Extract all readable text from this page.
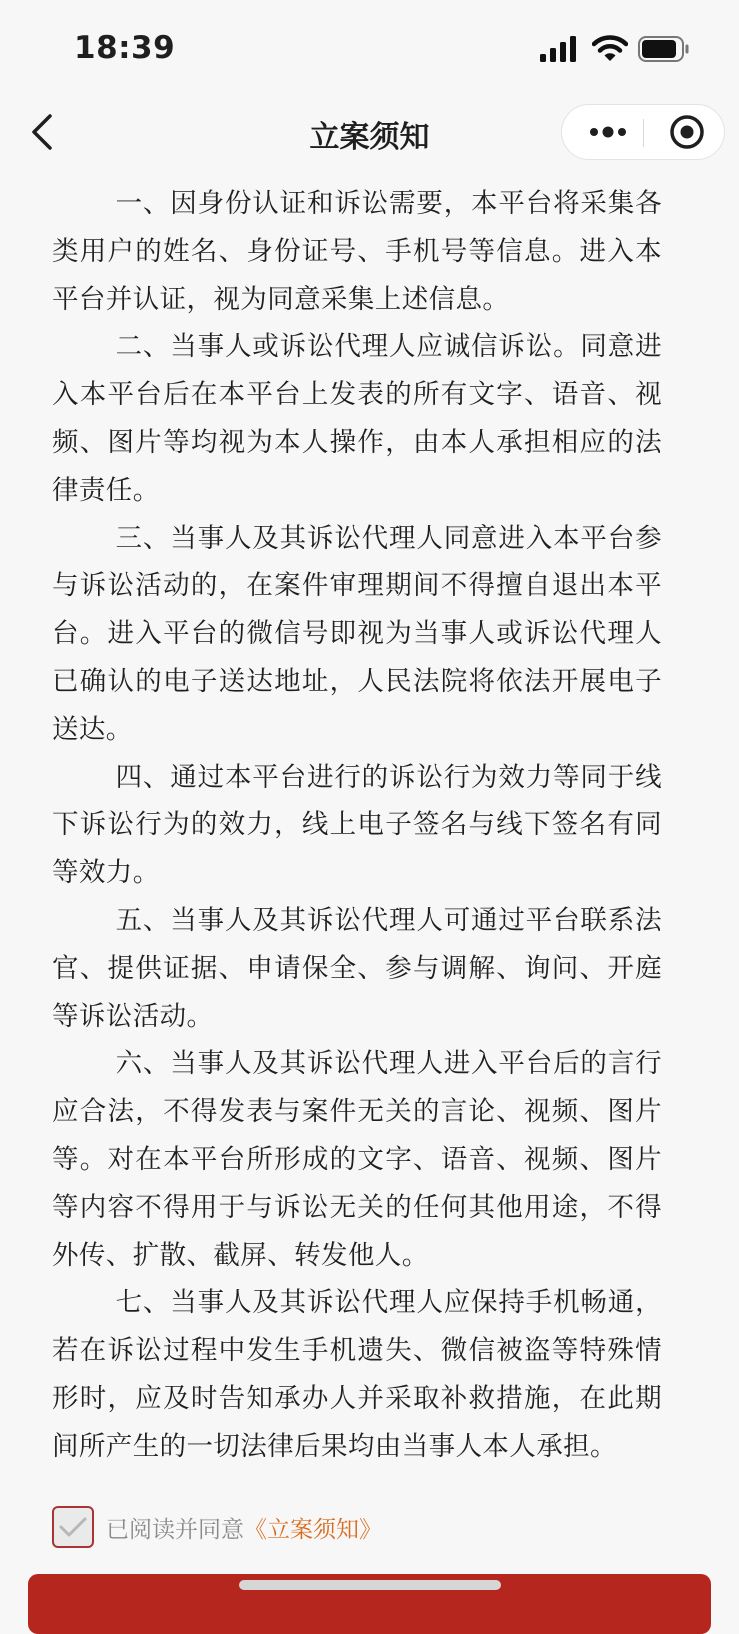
18:39
立案须知

一、因身份认证和诉讼需要，本平台将采集各类用户的姓名、身份证号、手机号等信息。进入本平台并认证，视为同意采集上述信息。

二、当事人或诉讼代理人应诚信诉讼。同意进入本平台后在本平台上发表的所有文字、语音、视频、图片等均视为本人操作，由本人承担相应的法律责任。

三、当事人及其诉讼代理人同意进入本平台参与诉讼活动的，在案件审理期间不得擅自退出本平台。进入平台的微信号即视为当事人或诉讼代理人已确认的电子送达地址，人民法院将依法开展电子送达。

四、通过本平台进行的诉讼行为效力等同于线下诉讼行为的效力，线上电子签名与线下签名有同等效力。

五、当事人及其诉讼代理人可通过平台联系法官、提供证据、申请保全、参与调解、询问、开庭等诉讼活动。

六、当事人及其诉讼代理人进入平台后的言行应合法，不得发表与案件无关的言论、视频、图片等。对在本平台所形成的文字、语音、视频、图片等内容不得用于与诉讼无关的任何其他用途，不得外传、扩散、截屏、转发他人。

七、当事人及其诉讼代理人应保持手机畅通，若在诉讼过程中发生手机遗失、微信被盗等特殊情形时，应及时告知承办人并采取补救措施，在此期间所产生的一切法律后果均由当事人本人承担。

已阅读并同意 《立案须知》
